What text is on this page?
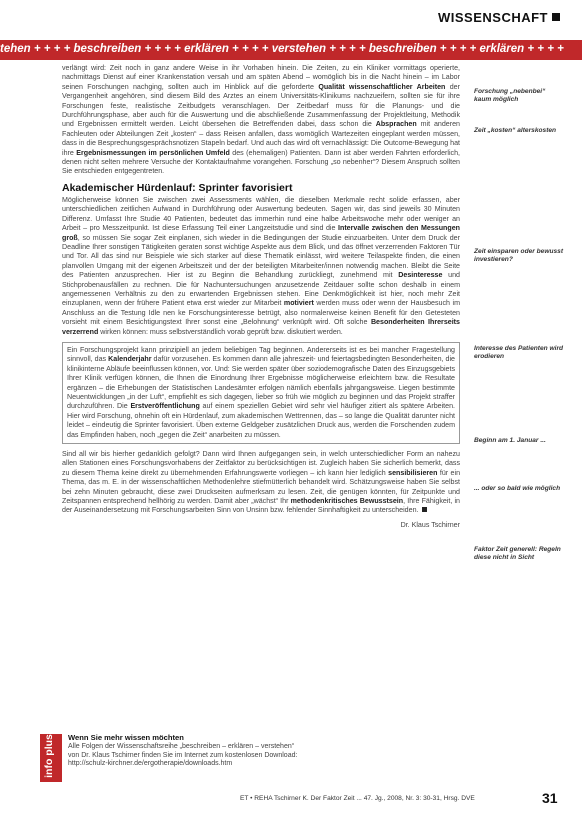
WISSENSCHAFT
tehen + + + + beschreiben + + + + erklären + + + + verstehen + + + + beschreiben + + + + erklären + + + +

verlängt wird: Zeit noch in ganz andere Weise in ihr Vorhaben hinein. Die Zeiten, zu ein Kliniker vormittags operierte, nachmittags Dienst auf einer Krankenstation versah und am späten Abend – womöglich bis in die Nacht hinein – im Labor seinen Forschungen nachging, sollten auch im Hinblick auf die geforderte Qualität wissenschaftlicher Arbeiten der Vergangenheit angehören, sind diesem Bild des Arztes an einem Universitäts-Klinikums nachzueifern, sollten sie für ihre Forschungen feste, realistische Zeitbudgets veranschlagen. Der Zeitbedarf muss für die Planungs- und die Durchführungsphase, aber auch für die Auswertung und die abschließende Zusammenfassung der Projektleitung, Methodik und Ergebnissen ermittelt werden. Leicht übersehen die Betreffenden dabei, dass schon die Absprachen mit anderen Fachleuten oder Abteilungen Zeit „kosten“ – dass Reisen anfallen, dass womöglich Wartezeiten eingeplant werden müssen, dass in die Besprechungsgesprächsnotizen Stapeln bedarf. Und auch das wird oft vernachlässigt: Die Outcome-Bewegung hat ihre Ergebnismessungen im persönlichen Umfeld des (ehemaligen) Patienten. Dann ist aber werden Fahrten erforderlich, denen nicht selten mehrere Versuche der Kontaktaufnahme vorangehen. Forschung „so nebenher“? Diesem Anspruch sollten Sie entschieden entgegentreten.

Akademischer Hürdenlauf: Sprinter favorisiert

Möglicherweise können Sie zwischen zwei Assessments wählen, die dieselben Merkmale recht solide erfassen, aber unterschiedlichen zeitlichen Aufwand in Durchführung oder Auswertung bedeuten. Sagen wir, das sind jeweils 30 Minuten Differenz. Umfasst Ihre Studie 40 Patienten, bedeutet das immerhin rund eine halbe Arbeitswoche mehr oder weniger an Arbeit – pro Messzeitpunkt. Ist diese Erfassung Teil einer Langzeitstudie und sind die Intervalle zwischen den Messungen groß, so müssen Sie sogar Zeit einplanen, sich wieder in die Bedingungen der Studie einzuarbeiten. Unter dem Druck der Deadline Ihrer sonstigen Tätigkeiten geraten sonst wichtige Aspekte aus dem Blick, und das öffnet verzerrenden Faktoren Tür und Tor. All das sind nur Beispiele wie sich starker auf diese Thematik einlässt, wird weitere Teilaspekte finden, die einen planvollen Umgang mit der eigenen Arbeitszeit und der der beteiligten Mitarbeiter/innen notwendig machen. Bleibt die Seite des Patienten anzusprechen. Hier ist zu Beginn die Behandlung zurückliegt, zunehmend mit Desinteresse und Stichprobenausfällen zu rechnen. Die für Nachuntersuchungen anzusetzende Zeitdauer sollte schon deshalb in einem angemessenen Verhältnis zu den zu erwartenden Ergebnissen stehen. Eine Denkmöglichkeit ist hier, noch mehr Zeit einzuplanen, wenn der frühere Patient etwa erst wieder zur Mitarbeit motiviert werden muss oder wenn der Hausbesuch im Anschluss an die Testung Idle nen ke Forschungsinteresse betrügt, also normalerweise keinen Benefit für den Getesteten vorsieht mit einem Besichtigungstext Ihrer sonst eine „Belohnung“ verknüpft wird. Oft solche Besonderheiten Ihrerseits verzerrend wirken können: muss selbstverständlich vorab geprüft bzw. diskutiert werden.

Ein Forschungsprojekt kann prinzipiell an jedem beliebigen Tag beginnen. Andererseits ist es bei mancher Fragestellung sinnvoll, das Kalenderjahr dafür vorzusehen. Es kommen dann alle jahreszeit- und feiertagsbedingten Besonderheiten, die klinikinterne Abläufe beeinflussen können, vor. Und: Sie werden später über soziodemografische Daten des Einzugsgebiets Ihrer Klinik verfügen können, die Ihnen die Einordnung Ihrer Ergebnisse möglicherweise erleichtern bzw. die Resultate ergänzen – die Erhebungen der Statistischen Landesämter erfolgen nämlich ebenfalls jahrgangsweise. Liegen bestimmte Neuentwicklungen „in der Luft“, empfiehlt es sich dagegen, lieber so früh wie möglich zu beginnen und das Projekt straffer durchzuführen. Die Erstveröffentlichung auf einem speziellen Gebiet wird sehr viel häufiger zitiert als spätere Arbeiten. Hier wird Forschung, ohnehin oft ein Hürdenlauf, zum akademischen Wettrennen, das – so lange die Qualität darunter nicht leidet – eindeutig die Sprinter favorisiert. Üben externe Geldgeber zusätzlichen Druck aus, werden die Forschenden zudem das Empfinden haben, noch „gegen die Zeit“ anarbeiten zu müssen.

Sind all wir bis hierher gedanklich gefolgt? Dann wird Ihnen aufgegangen sein, in welch unterschiedlicher Form an nahezu allen Stationen eines Forschungsvorhabens der Zeitfaktor zu berücksichtigen ist. Zugleich haben Sie sicherlich bemerkt, dass zu diesem Thema keine direkt zu übernehmenden Erfahrungswerte vorliegen – ich kann hier lediglich sensibilisieren für ein Thema, das m. E. in der wissenschaftlichen Methodenlehre stiefmütterlich behandelt wird. Schätzungsweise haben Sie selbst bei zehn Minuten gebraucht, diese zwei Druckseiten aufmerksam zu lesen. Zeit, die genügen könnten, für Zeitpunkte und Zeitspannen entsprechend hellhörig zu werden. Damit aber „wächst“ Ihr methodenkritisches Bewusstsein, Ihre Fähigkeit, in der Auseinandersetzung mit Forschungsarbeiten Sinn von Unsinn bzw. fehlender Sinnhaftigkeit zu unterscheiden.

Dr. Klaus Tschirner

Forschung „nebenbei“ kaum möglich
Zeit „kosten“ alterskosten
Zeit einsparen oder bewusst investieren?
Interesse des Patienten wird erodieren
Beginn am 1. Januar ...
... oder so bald wie möglich
Faktor Zeit generell: Regeln diese nicht in Sicht
info plus Wenn Sie mehr wissen möchten
Alle Folgen der Wissenschaftsreihe „beschreiben – erklären – verstehen“
von Dr. Klaus Tschirner finden Sie im Internet zum kostenlosen Download:
http://schulz-kirchner.de/ergotherapie/downloads.htm
ET • REHA Tschirner K. Der Faktor Zeit ... 47. Jg., 2008, Nr. 3: 30-31, Hrsg. DVE	31
